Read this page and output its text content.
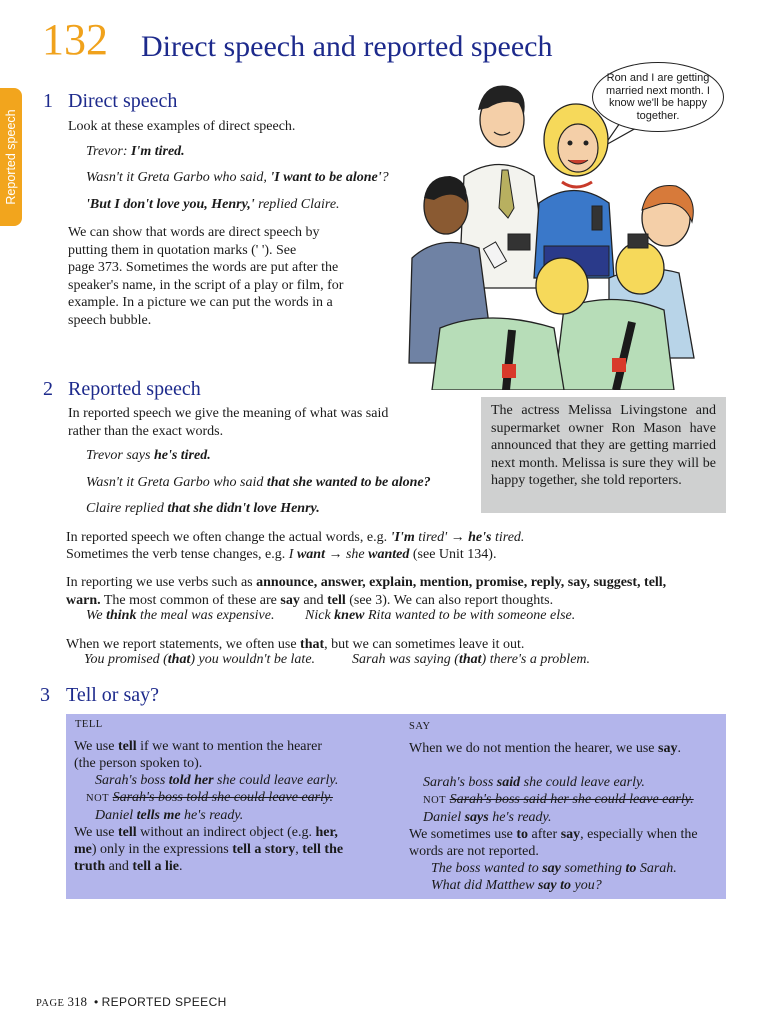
Reported speech
132 Direct speech and reported speech
1 Direct speech
Look at these examples of direct speech.
Trevor: I'm tired.
Wasn't it Greta Garbo who said, 'I want to be alone'?
'But I don't love you, Henry,' replied Claire.
We can show that words are direct speech by
putting them in quotation marks (' '). See
page 373. Sometimes the words are put after the
speaker's name, in the script of a play or film, for
example. In a picture we can put the words in a
speech bubble.
Ron and I are getting
married next month. I
know we'll be happy
together.
2 Reported speech
In reported speech we give the meaning of what was said
rather than the exact words.
Trevor says he's tired.
Wasn't it Greta Garbo who said that she wanted to be alone?
Claire replied that she didn't love Henry.
The actress Melissa Livingstone and supermarket owner Ron Mason have announced that they are getting married next month. Melissa is sure they will be happy together, she told reporters.
In reported speech we often change the actual words, e.g. 'I'm tired' → he's tired.
Sometimes the verb tense changes, e.g. I want → she wanted (see Unit 134).
In reporting we use verbs such as announce, answer, explain, mention, promise, reply, say, suggest, tell,
warn. The most common of these are say and tell (see 3). We can also report thoughts.
We think the meal was expensive. Nick knew Rita wanted to be with someone else.
When we report statements, we often use that, but we can sometimes leave it out.
You promised (that) you wouldn't be late.	Sarah was saying (that) there's a problem.
3 Tell or say?
TELL
We use tell if we want to mention the hearer
(the person spoken to).
Sarah's boss told her she could leave early.
NOT Sarah's boss told she could leave early.
Daniel tells me he's ready.
We use tell without an indirect object (e.g. her,
me) only in the expressions tell a story, tell the
truth and tell a lie.
SAY
When we do not mention the hearer, we use say.
Sarah's boss said she could leave early.
NOT Sarah's boss said her she could leave early.
Daniel says he's ready.
We sometimes use to after say, especially when the
words are not reported.
The boss wanted to say something to Sarah.
What did Matthew say to you?
PAGE 318 • REPORTED SPEECH
